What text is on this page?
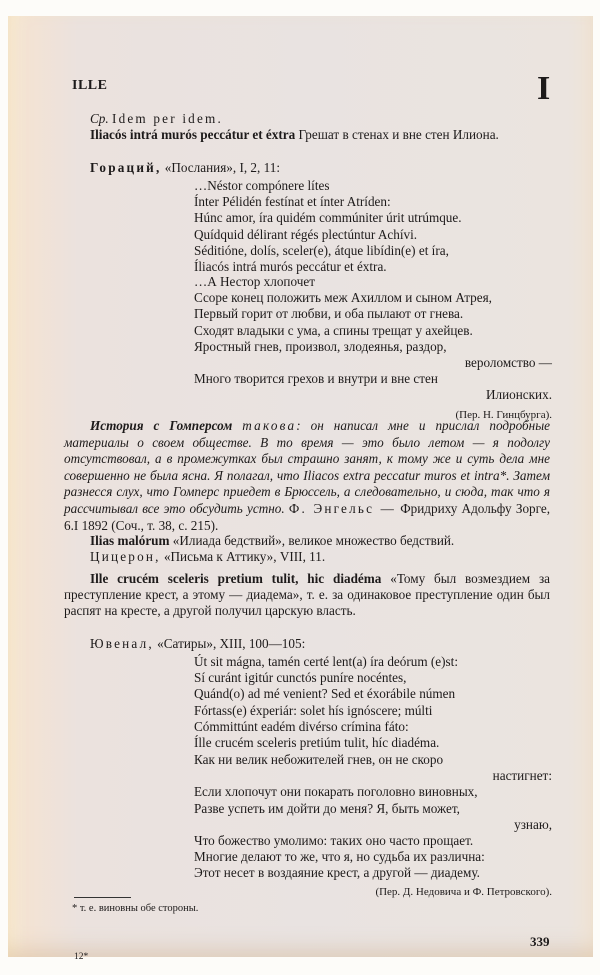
ILLE	I
Ср. Idem per idem.
Iliacós intrá murós peccátur et éxtra Грешат в стенах и вне стен Илиона.
Гораций, «Послания», I, 2, 11:
…Néstor compónere lítes
Ínter Pélidén festínat et ínter Atríden:
Húnc amor, íra quidém commúniter úrit utrúmque.
Quídquid délirant régés plectúntur Achívi.
Séditióne, dolís, sceler(e), átque libídin(e) et íra,
Íliacós intrá murós peccátur et éxtra.
…А Нестор хлопочет
Ссоре конец положить меж Ахиллом и сыном Атрея,
Первый горит от любви, и оба пылают от гнева.
Сходят владыки с ума, а спины трещат у ахейцев.
Яростный гнев, произвол, злодеянья, раздор,
вероломство —
Много творится грехов и внутри и вне стен
Илионских.
(Пер. Н. Гинцбурга).
История с Гомперсом такова: он написал мне и прислал подробные материалы о своем обществе. В то время — это было летом — я подолгу отсутствовал, а в промежутках был страшно занят, к тому же и суть дела мне совершенно не была ясна. Я полагал, что Iliacos extra peccatur muros et intra*. Затем разнесся слух, что Гомперс приедет в Брюссель, а следовательно, и сюда, так что я рассчитывал все это обсудить устно. Ф. Энгельс — Фридриху Адольфу Зорге, 6.I 1892 (Соч., т. 38, с. 215).
Ilias malórum «Илиада бедствий», великое множество бедствий.
Цицерон, «Письма к Аттику», VIII, 11.
Ille crucém sceleris pretium tulit, hic diadéma «Тому был возмездием за преступление крест, а этому — диадема», т. е. за одинаковое преступление один был распят на кресте, а другой получил царскую власть.
Ювенал, «Сатиры», XIII, 100—105:
Út sit mágna, tamén certé lent(a) íra deórum (e)st:
Sí curánt igitúr cunctós puníre nocéntes,
Quánd(o) ad mé venient? Sed et éxorábile númen
Fórtass(e) éxperiár: solet hís ignóscere; múlti
Cómmittúnt eadém divérso crímina fáto:
Ílle crucém sceleris pretiúm tulit, híc diadéma.
Как ни велик небожителей гнев, он не скоро
настигнет:
Если хлопочут они покарать поголовно виновных,
Разве успеть им дойти до меня? Я, быть может,
узнаю,
Что божество умолимо: таких оно часто прощает.
Многие делают то же, что я, но судьба их различна:
Этот несет в воздаяние крест, а другой — диадему.
(Пер. Д. Недовича и Ф. Петровского).
* т. е. виновны обе стороны.
339
12*
